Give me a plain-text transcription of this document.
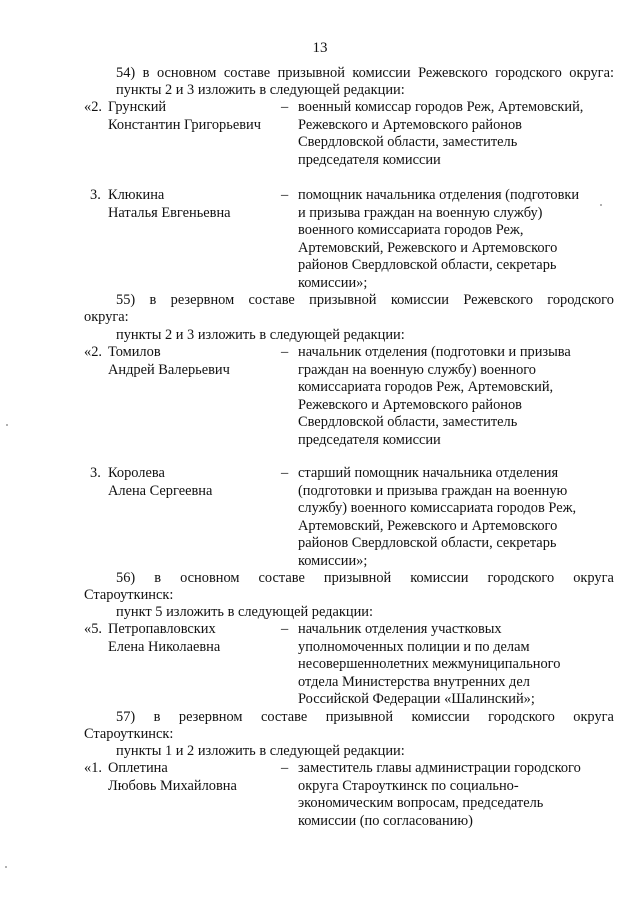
13
54) в основном составе призывной комиссии Режевского городского округа:
пункты 2 и 3 изложить в следующей редакции:
«2. Грунский
Константин Григорьевич
– военный комиссар городов Реж, Артемовский,
Режевского и Артемовского районов
Свердловской области, заместитель
председателя комиссии
3. Клюкина
Наталья Евгеньевна
– помощник начальника отделения (подготовки
и призыва граждан на военную службу)
военного комиссариата городов Реж,
Артемовский, Режевского и Артемовского
районов Свердловской области, секретарь
комиссии»;
55) в резервном составе призывной комиссии Режевского городского
округа:
пункты 2 и 3 изложить в следующей редакции:
«2. Томилов
Андрей Валерьевич
– начальник отделения (подготовки и призыва
граждан на военную службу) военного
комиссариата городов Реж, Артемовский,
Режевского и Артемовского районов
Свердловской области, заместитель
председателя комиссии
3. Королева
Алена Сергеевна
– старший помощник начальника отделения
(подготовки и призыва граждан на военную
службу) военного комиссариата городов Реж,
Артемовский, Режевского и Артемовского
районов Свердловской области, секретарь
комиссии»;
56) в основном составе призывной комиссии городского округа
Староуткинск:
пункт 5 изложить в следующей редакции:
«5. Петропавловских
Елена Николаевна
– начальник отделения участковых
уполномоченных полиции и по делам
несовершеннолетних межмуниципального
отдела Министерства внутренних дел
Российской Федерации «Шалинский»;
57) в резервном составе призывной комиссии городского округа
Староуткинск:
пункты 1 и 2 изложить в следующей редакции:
«1. Оплетина
Любовь Михайловна
– заместитель главы администрации городского
округа Староуткинск по социально-
экономическим вопросам, председатель
комиссии (по согласованию)
